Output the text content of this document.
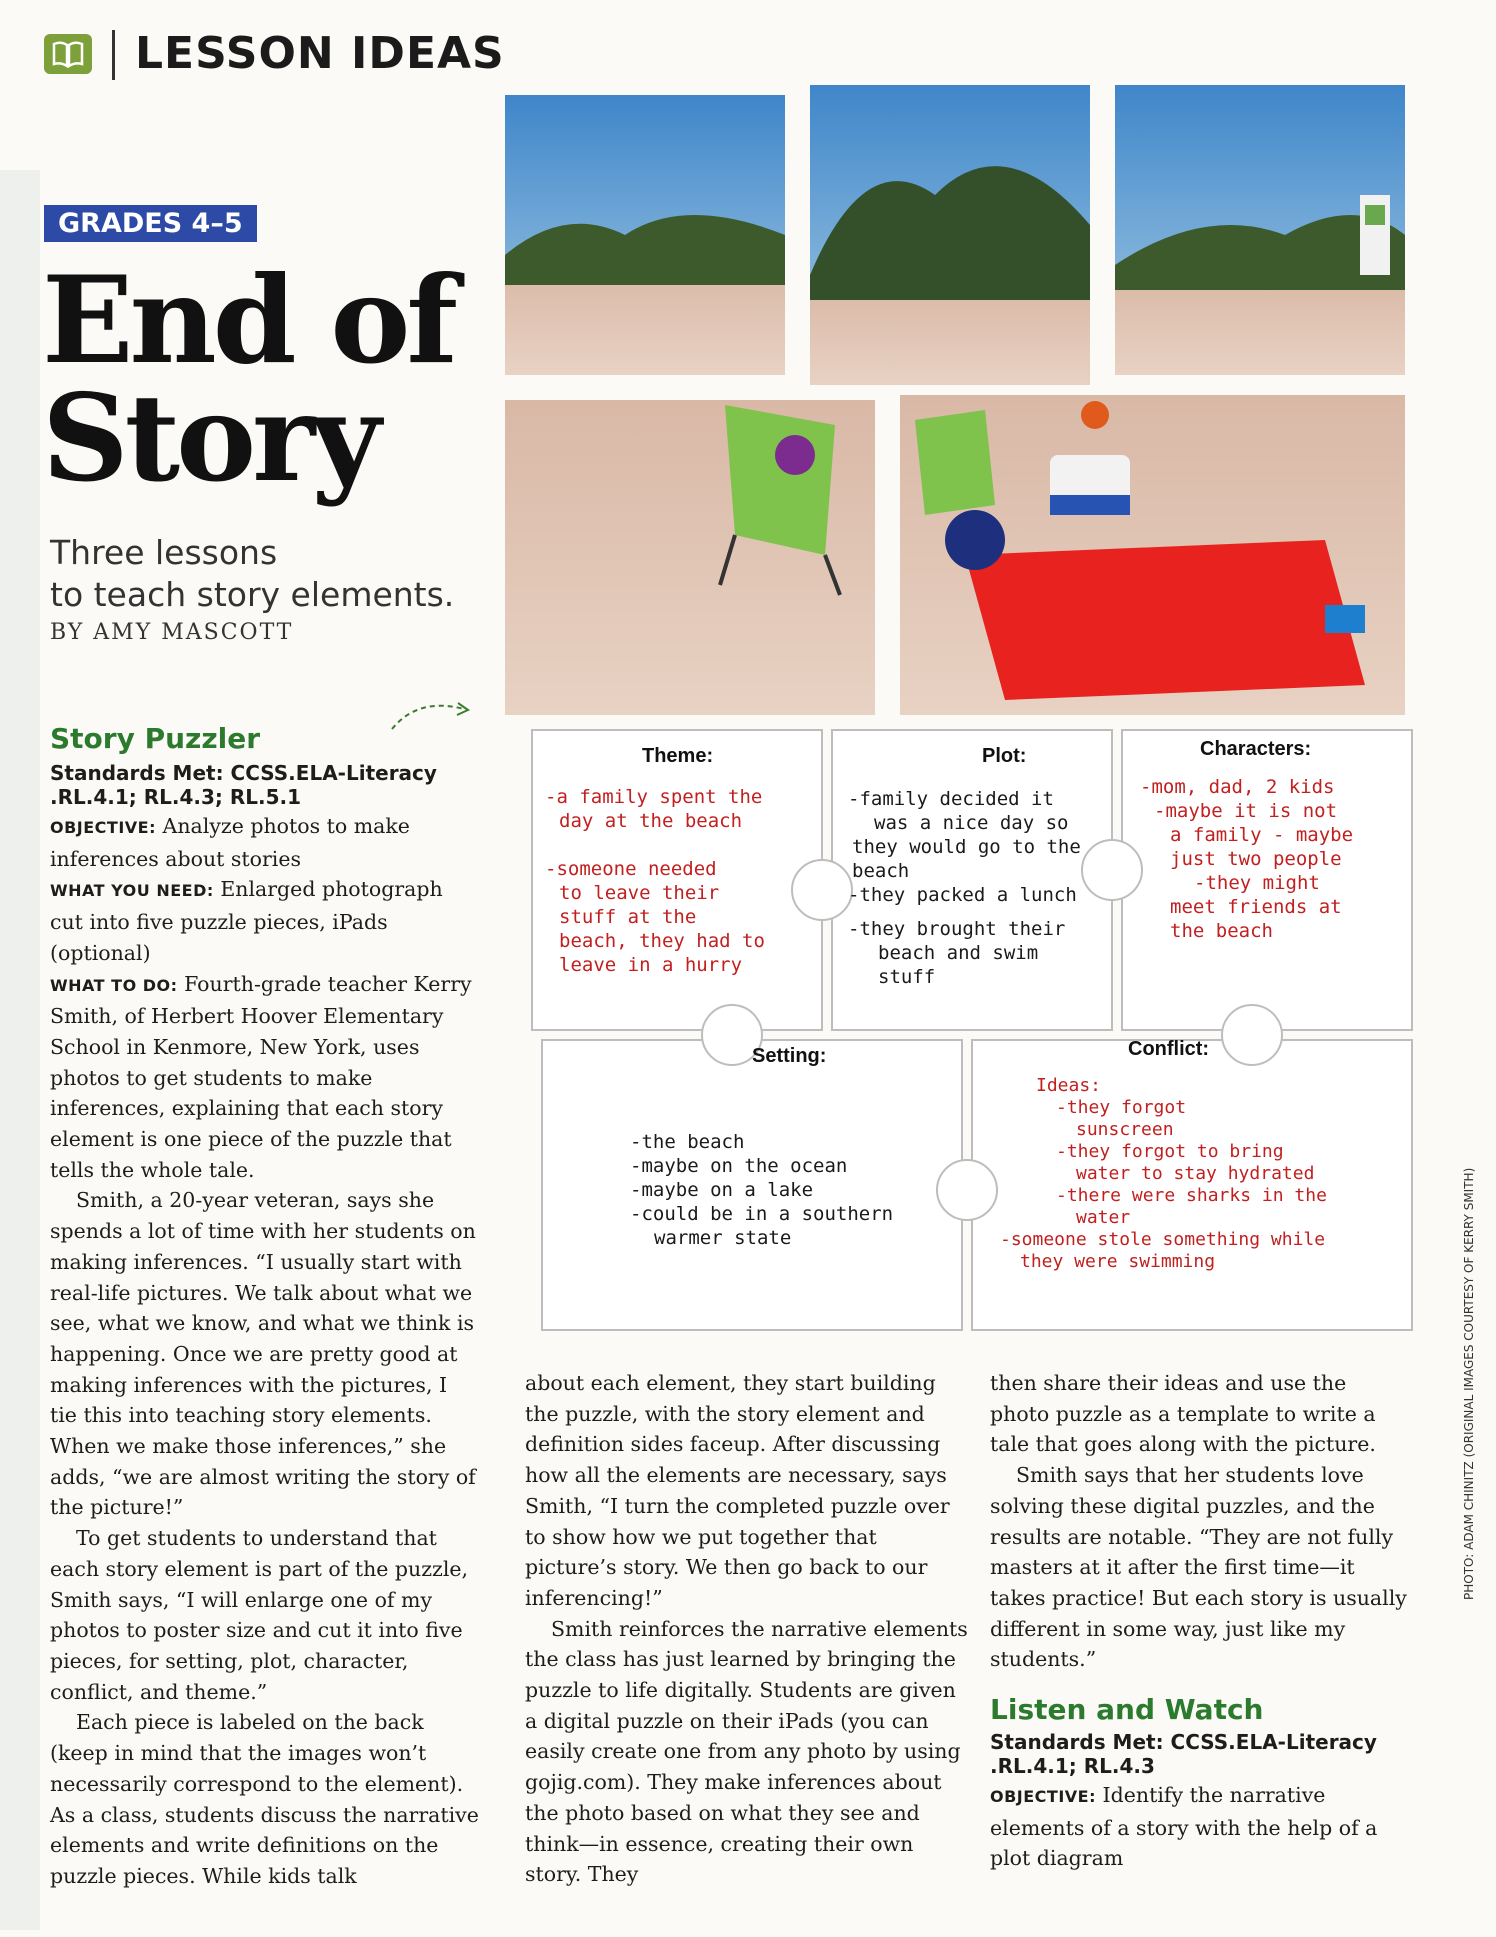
LESSON IDEAS
GRADES 4–5
End of
Story
Three lessons
to teach story elements.
BY AMY MASCOTT
Theme:	Plot:	Characters:
Setting:	Conflict:
-a family spent the
day at the beach
-someone needed
to leave their
stuff at the
beach, they had to
leave in a hurry
-family decided it
was a nice day so
they would go to the
beach
-they packed a lunch
-they brought their
beach and swim
stuff
-mom, dad, 2 kids
-maybe it is not
a family - maybe
just two people
-they might
meet friends at
the beach
-the beach
-maybe on the ocean
-maybe on a lake
-could be in a southern
warmer state
Ideas:
-they forgot
sunscreen
-they forgot to bring
water to stay hydrated
-there were sharks in the
water
-someone stole something while
they were swimming
Story Puzzler
Standards Met: CCSS.ELA-Literacy
.RL.4.1; RL.4.3; RL.5.1

OBJECTIVE: Analyze photos to make inferences about stories

WHAT YOU NEED: Enlarged photograph cut into five puzzle pieces, iPads (optional)

WHAT TO DO: Fourth-grade teacher Kerry Smith, of Herbert Hoover Elementary School in Kenmore, New York, uses photos to get students to make inferences, explaining that each story element is one piece of the puzzle that tells the whole tale.

Smith, a 20-year veteran, says she spends a lot of time with her students on making inferences. “I usually start with real-life pictures. We talk about what we see, what we know, and what we think is happening. Once we are pretty good at making inferences with the pictures, I tie this into teaching story elements. When we make those inferences,” she adds, “we are almost writing the story of the picture!”

To get students to understand that each story element is part of the puzzle, Smith says, “I will enlarge one of my photos to poster size and cut it into five pieces, for setting, plot, character, conflict, and theme.”

Each piece is labeled on the back (keep in mind that the images won’t necessarily correspond to the element). As a class, students discuss the narrative elements and write definitions on the puzzle pieces. While kids talk

about each element, they start building the puzzle, with the story element and definition sides faceup. After discussing how all the elements are necessary, says Smith, “I turn the completed puzzle over to show how we put together that picture’s story. We then go back to our inferencing!”

Smith reinforces the narrative elements the class has just learned by bringing the puzzle to life digitally. Students are given a digital puzzle on their iPads (you can easily create one from any photo by using gojig.com). They make inferences about the photo based on what they see and think—in essence, creating their own story. They

then share their ideas and use the photo puzzle as a template to write a tale that goes along with the picture.

Smith says that her students love solving these digital puzzles, and the results are notable. “They are not fully masters at it after the first time—it takes practice! But each story is usually different in some way, just like my students.”

Listen and Watch
Standards Met: CCSS.ELA-Literacy
.RL.4.1; RL.4.3

OBJECTIVE: Identify the narrative elements of a story with the help of a plot diagram

PHOTO: ADAM CHINITZ (ORIGINAL IMAGES COURTESY OF KERRY SMITH)
